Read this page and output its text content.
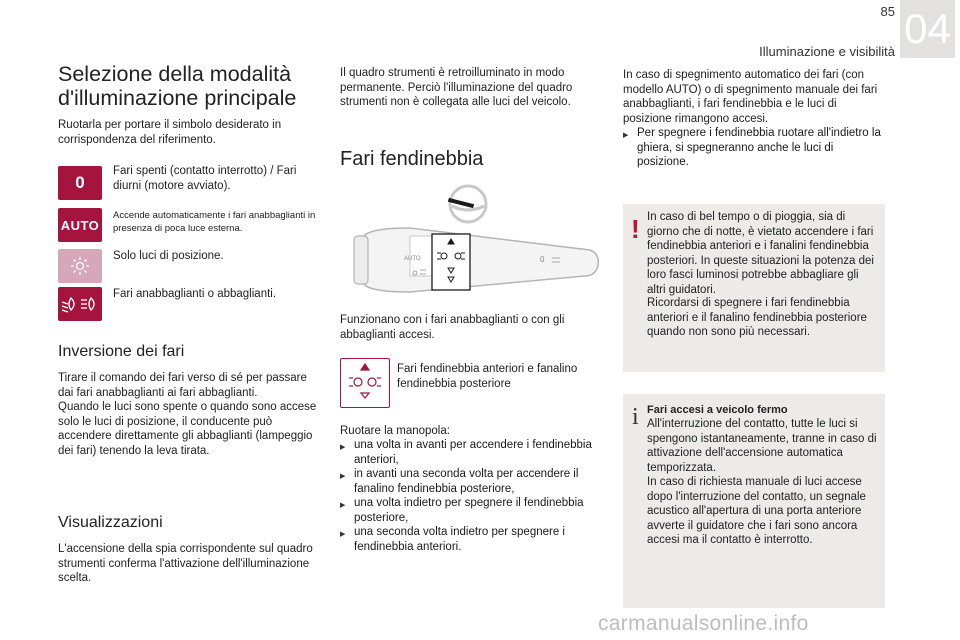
85 04
Illuminazione e visibilità
Selezione della modalità d'illuminazione principale
Ruotarla per portare il simbolo desiderato in corrispondenza del riferimento.
0
Fari spenti (contatto interrotto) / Fari diurni (motore avviato).
AUTO
Accende automaticamente i fari anabbaglianti in presenza di poca luce esterna.
Solo luci di posizione.
Fari anabbaglianti o abbaglianti.
Inversione dei fari
Tirare il comando dei fari verso di sé per passare dai fari anabbaglianti ai fari abbaglianti.
Quando le luci sono spente o quando sono accese solo le luci di posizione, il conducente può accendere direttamente gli abbaglianti (lampeggio dei fari) tenendo la leva tirata.
Visualizzazioni
L'accensione della spia corrispondente sul quadro strumenti conferma l'attivazione dell'illuminazione scelta.
Il quadro strumenti è retroilluminato in modo permanente. Perciò l'illuminazione del quadro strumenti non è collegata alle luci del veicolo.
Fari fendinebbia
AUTO	0
Funzionano con i fari anabbaglianti o con gli abbaglianti accesi.
Fari fendinebbia anteriori e fanalino fendinebbia posteriore
Ruotare la manopola:
▶ una volta in avanti per accendere i fendinebbia anteriori,
▶ in avanti una seconda volta per accendere il fanalino fendinebbia posteriore,
▶ una volta indietro per spegnere il fendinebbia posteriore,
▶ una seconda volta indietro per spegnere i fendinebbia anteriori.
In caso di spegnimento automatico dei fari (con modello AUTO) o di spegnimento manuale dei fari anabbaglianti, i fari fendinebbia e le luci di posizione rimangono accesi.
▶ Per spegnere i fendinebbia ruotare all'indietro la ghiera, si spegneranno anche le luci di posizione.
! In caso di bel tempo o di pioggia, sia di giorno che di notte, è vietato accendere i fari fendinebbia anteriori e i fanalini fendinebbia posteriori. In queste situazioni la potenza dei loro fasci luminosi potrebbe abbagliare gli altri guidatori.
Ricordarsi di spegnere i fari fendinebbia anteriori e il fanalino fendinebbia posteriore quando non sono più necessari.
i Fari accesi a veicolo fermo
All'interruzione del contatto, tutte le luci si spengono istantaneamente, tranne in caso di attivazione dell'accensione automatica temporizzata.
In caso di richiesta manuale di luci accese dopo l'interruzione del contatto, un segnale acustico all'apertura di una porta anteriore avverte il guidatore che i fari sono ancora accesi ma il contatto è interrotto.
carmanualsonline.info
